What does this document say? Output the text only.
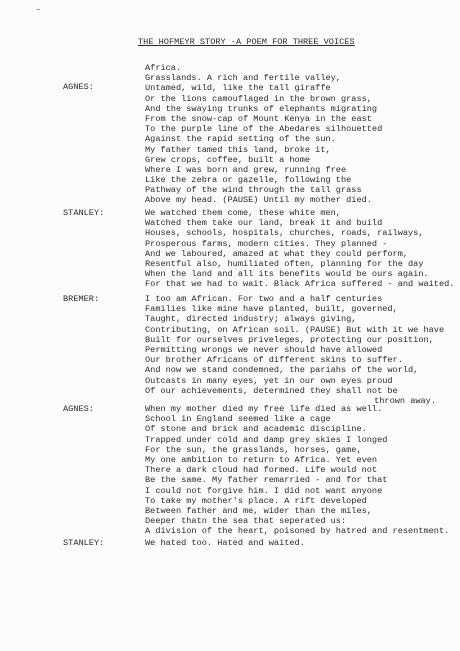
~
THE HOFMEYR STORY -A POEM FOR THREE VOICES
AGNES:
Africa.
Grasslands. A rich and fertile valley,
Untamed, wild, like the tall giraffe
Or the lions camouflaged in the brown grass,
And the swaying trunks of elephants migrating
From the snow-cap of Mount Kenya in the east
To the purple line of the Abedares silhouetted
Against the rapid setting of the sun.
My father tamed this land, broke it,
Grew crops, coffee, built a home
Where I was born and grew, running free
Like the zebra or gazelle, following the
Pathway of the wind through the tall grass
Above my head. (PAUSE) Until my mother died.
STANLEY:	We watched them come, these white men,
Watched them take our land, break it and build
Houses, schools, hospitals, churches, roads, railways,
Prosperous farms, modern cities. They planned -
And we laboured, amazed at what they could perform,
Resentful also, humiliated often, planning for the day
When the land and all its benefits would be ours again.
For that we had to wait. Black Africa suffered - and waited.
BREMER:	I too am African. For two and a half centuries
Families like mine have planted, built, governed,
Taught, directed industry; always giving,
Contributing, on African soil. (PAUSE) But with it we have
Built for ourselves priveleges, protecting our position,
Permitting wrongs we never should have allowed
Our brother Africans of different skins to suffer.
And now we stand condemned, the pariahs of the world,
Outcasts in many eyes, yet in our own eyes proud
Of our achievements, determined they shall not be
thrown away.
AGNES:	When my mother died my free life died as well.
School in England seemed like a cage
Of stone and brick and academic discipline.
Trapped under cold and damp grey skies I longed
For the sun, the grasslands, horses, game,
My one ambition to return to Africa. Yet even
There a dark cloud had formed. Life would not
Be the same. My father remarried - and for that
I could not forgive him. I did not want anyone
To take my mother's place. A rift developed
Between father and me, wider than the miles,
Deeper thatn the sea that seperated us:
A division of the heart, poisoned by hatred and resentment.
STANLEY:	We hated too. Hated and waited.
